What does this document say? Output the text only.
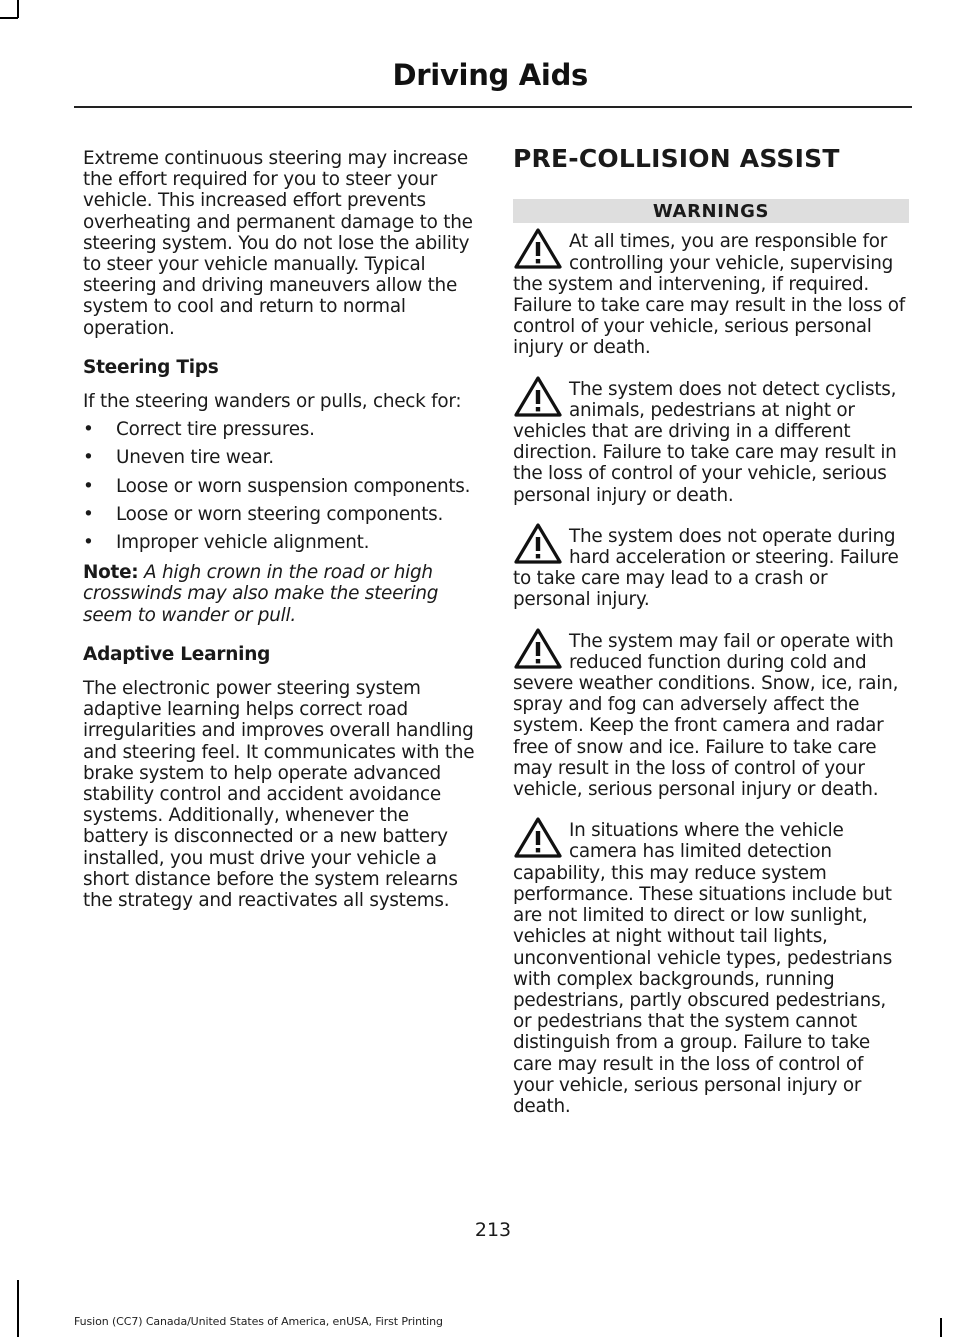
Driving Aids

Extreme continuous steering may increase the effort required for you to steer your vehicle. This increased effort prevents overheating and permanent damage to the steering system. You do not lose the ability to steer your vehicle manually. Typical steering and driving maneuvers allow the system to cool and return to normal operation.

Steering Tips

If the steering wanders or pulls, check for:

• Correct tire pressures.
• Uneven tire wear.
• Loose or worn suspension components.
• Loose or worn steering components.
• Improper vehicle alignment.

Note: A high crown in the road or high crosswinds may also make the steering seem to wander or pull.

Adaptive Learning

The electronic power steering system adaptive learning helps correct road irregularities and improves overall handling and steering feel. It communicates with the brake system to help operate advanced stability control and accident avoidance systems. Additionally, whenever the battery is disconnected or a new battery installed, you must drive your vehicle a short distance before the system relearns the strategy and reactivates all systems.

PRE-COLLISION ASSIST
WARNINGS
At all times, you are responsible for controlling your vehicle, supervising the system and intervening, if required. Failure to take care may result in the loss of control of your vehicle, serious personal injury or death.
The system does not detect cyclists, animals, pedestrians at night or vehicles that are driving in a different direction. Failure to take care may result in the loss of control of your vehicle, serious personal injury or death.
The system does not operate during hard acceleration or steering. Failure to take care may lead to a crash or personal injury.
The system may fail or operate with reduced function during cold and severe weather conditions. Snow, ice, rain, spray and fog can adversely affect the system. Keep the front camera and radar free of snow and ice. Failure to take care may result in the loss of control of your vehicle, serious personal injury or death.
In situations where the vehicle camera has limited detection capability, this may reduce system performance. These situations include but are not limited to direct or low sunlight, vehicles at night without tail lights, unconventional vehicle types, pedestrians with complex backgrounds, running pedestrians, partly obscured pedestrians, or pedestrians that the system cannot distinguish from a group. Failure to take care may result in the loss of control of your vehicle, serious personal injury or death.
213
Fusion (CC7) Canada/United States of America, enUSA, First Printing
